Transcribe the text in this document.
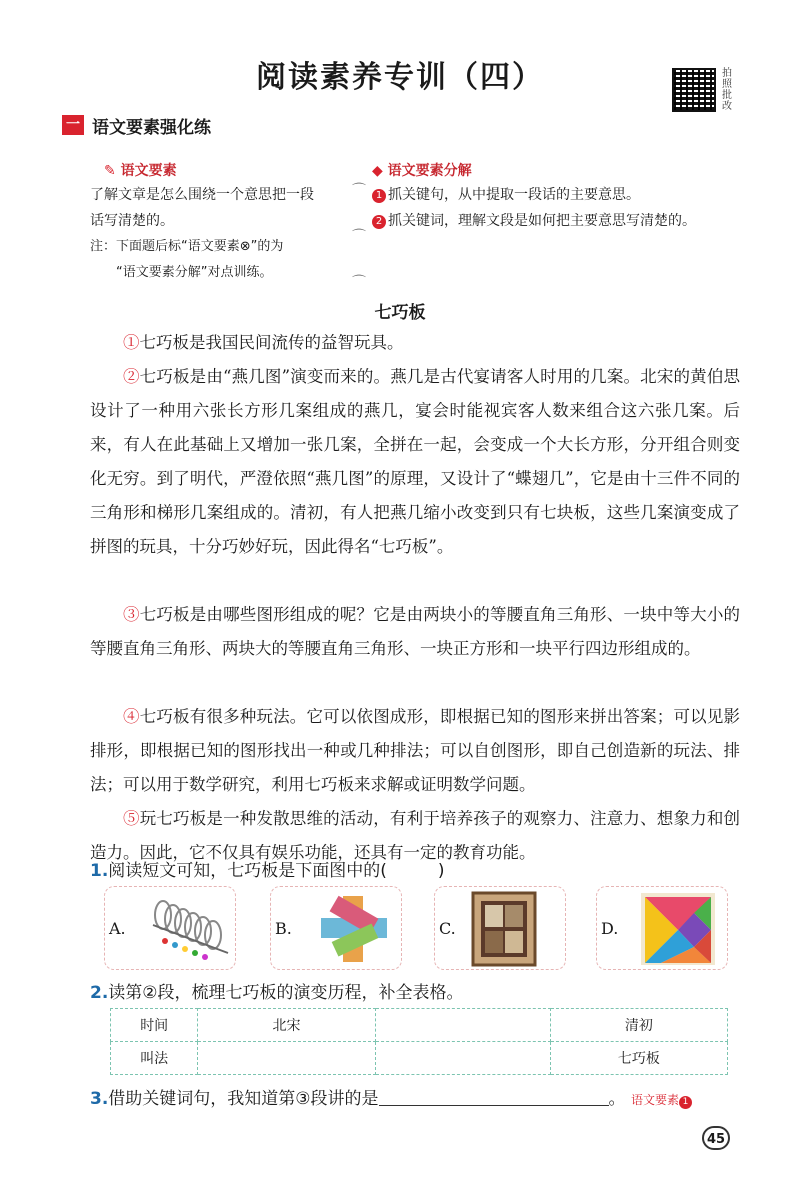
阅读素养专训（四）	拍照批改
一 语文要素强化练
✎ 语文要素
了解文章是怎么围绕一个意思把一段
话写清楚的。
注：下面题后标“语文要素⊗”的为
“语文要素分解”对点训练。
⌒
⌒
⌒
◆ 语文要素分解
1 抓关键句，从中提取一段话的主要意思。
2 抓关键词，理解文段是如何把主要意思写清楚的。
七巧板
①七巧板是我国民间流传的益智玩具。
②七巧板是由“燕几图”演变而来的。燕几是古代宴请客人时用的几案。北宋的黄伯思设计了一种用六张长方形几案组成的燕几，宴会时能视宾客人数来组合这六张几案。后来，有人在此基础上又增加一张几案，全拼在一起，会变成一个大长方形，分开组合则变化无穷。到了明代，严澄依照“燕几图”的原理，又设计了“蝶翅几”，它是由十三件不同的三角形和梯形几案组成的。清初，有人把燕几缩小改变到只有七块板，这些几案演变成了拼图的玩具，十分巧妙好玩，因此得名“七巧板”。
③七巧板是由哪些图形组成的呢？它是由两块小的等腰直角三角形、一块中等大小的等腰直角三角形、两块大的等腰直角三角形、一块正方形和一块平行四边形组成的。
④七巧板有很多种玩法。它可以依图成形，即根据已知的图形来拼出答案；可以见影排形，即根据已知的图形找出一种或几种排法；可以自创图形，即自己创造新的玩法、排法；可以用于数学研究，利用七巧板来求解或证明数学问题。
⑤玩七巧板是一种发散思维的活动，有利于培养孩子的观察力、注意力、想象力和创造力。因此，它不仅具有娱乐功能，还具有一定的教育功能。
1.阅读短文可知，七巧板是下面图中的(　　　)
A.	B.	C.	D.
2.读第②段，梳理七巧板的演变历程，补全表格。
时间	北宋		清初
叫法			七巧板
3.借助关键词句，我知道第③段讲的是	。 语文要素 1
45
